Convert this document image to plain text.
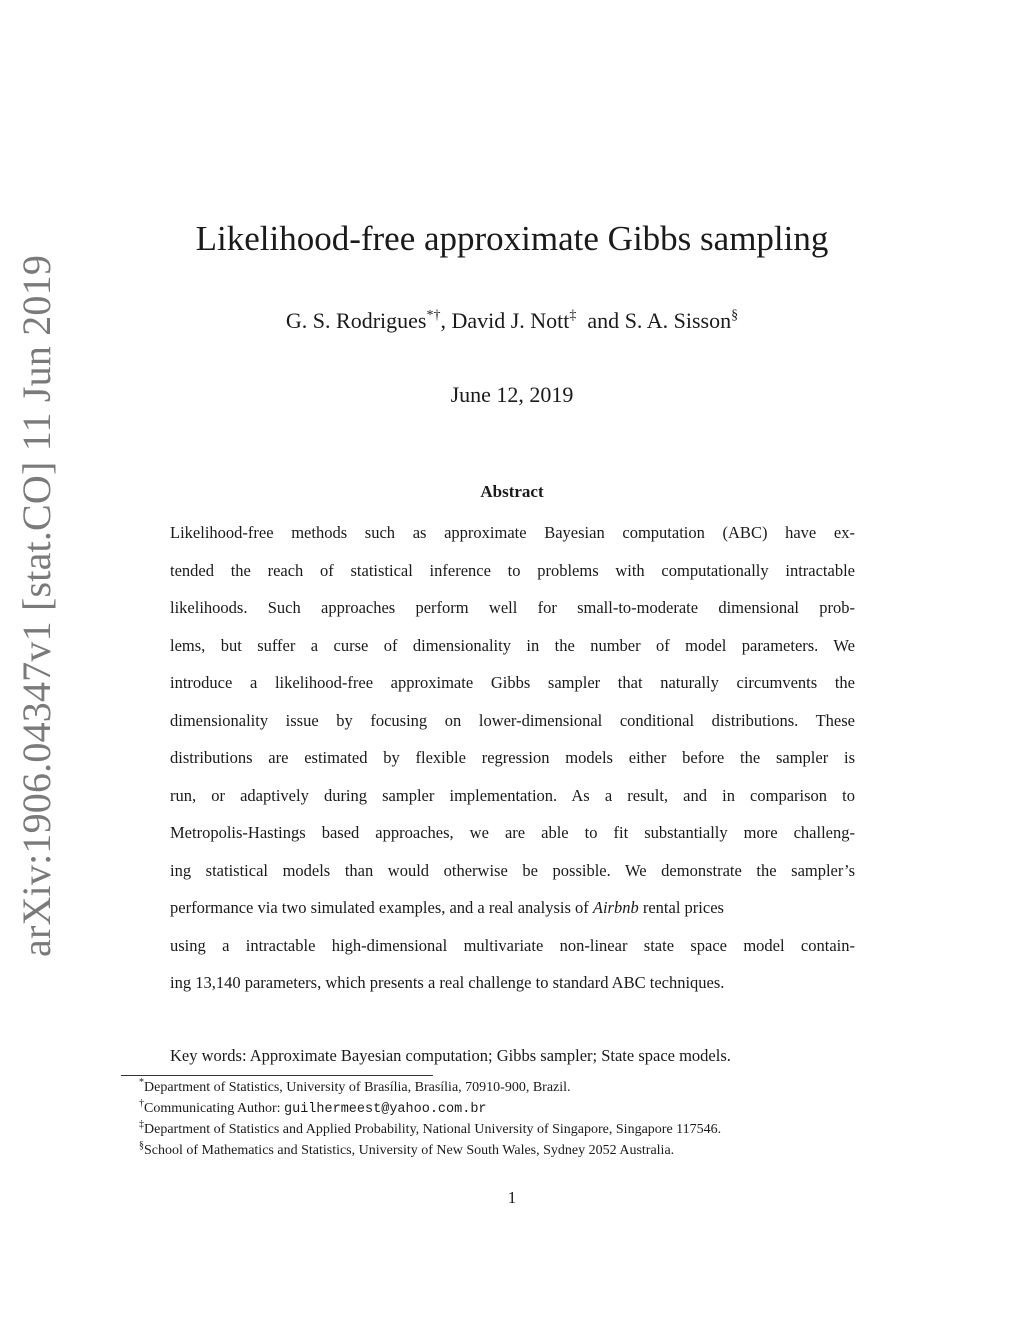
arXiv:1906.04347v1 [stat.CO] 11 Jun 2019
Likelihood-free approximate Gibbs sampling
G. S. Rodrigues*†, David J. Nott‡  and S. A. Sisson§
June 12, 2019
Abstract
Likelihood-free methods such as approximate Bayesian computation (ABC) have ex-
tended the reach of statistical inference to problems with computationally intractable
likelihoods. Such approaches perform well for small-to-moderate dimensional prob-
lems, but suffer a curse of dimensionality in the number of model parameters. We
introduce a likelihood-free approximate Gibbs sampler that naturally circumvents the
dimensionality issue by focusing on lower-dimensional conditional distributions. These
distributions are estimated by flexible regression models either before the sampler is
run, or adaptively during sampler implementation. As a result, and in comparison to
Metropolis-Hastings based approaches, we are able to fit substantially more challeng-
ing statistical models than would otherwise be possible. We demonstrate the sampler’s
performance via two simulated examples, and a real analysis of Airbnb rental prices
using a intractable high-dimensional multivariate non-linear state space model contain-
ing 13,140 parameters, which presents a real challenge to standard ABC techniques.
Key words: Approximate Bayesian computation; Gibbs sampler; State space models.
*Department of Statistics, University of Brasília, Brasília, 70910-900, Brazil.
†Communicating Author: guilhermeest@yahoo.com.br
‡Department of Statistics and Applied Probability, National University of Singapore, Singapore 117546.
§School of Mathematics and Statistics, University of New South Wales, Sydney 2052 Australia.
1
